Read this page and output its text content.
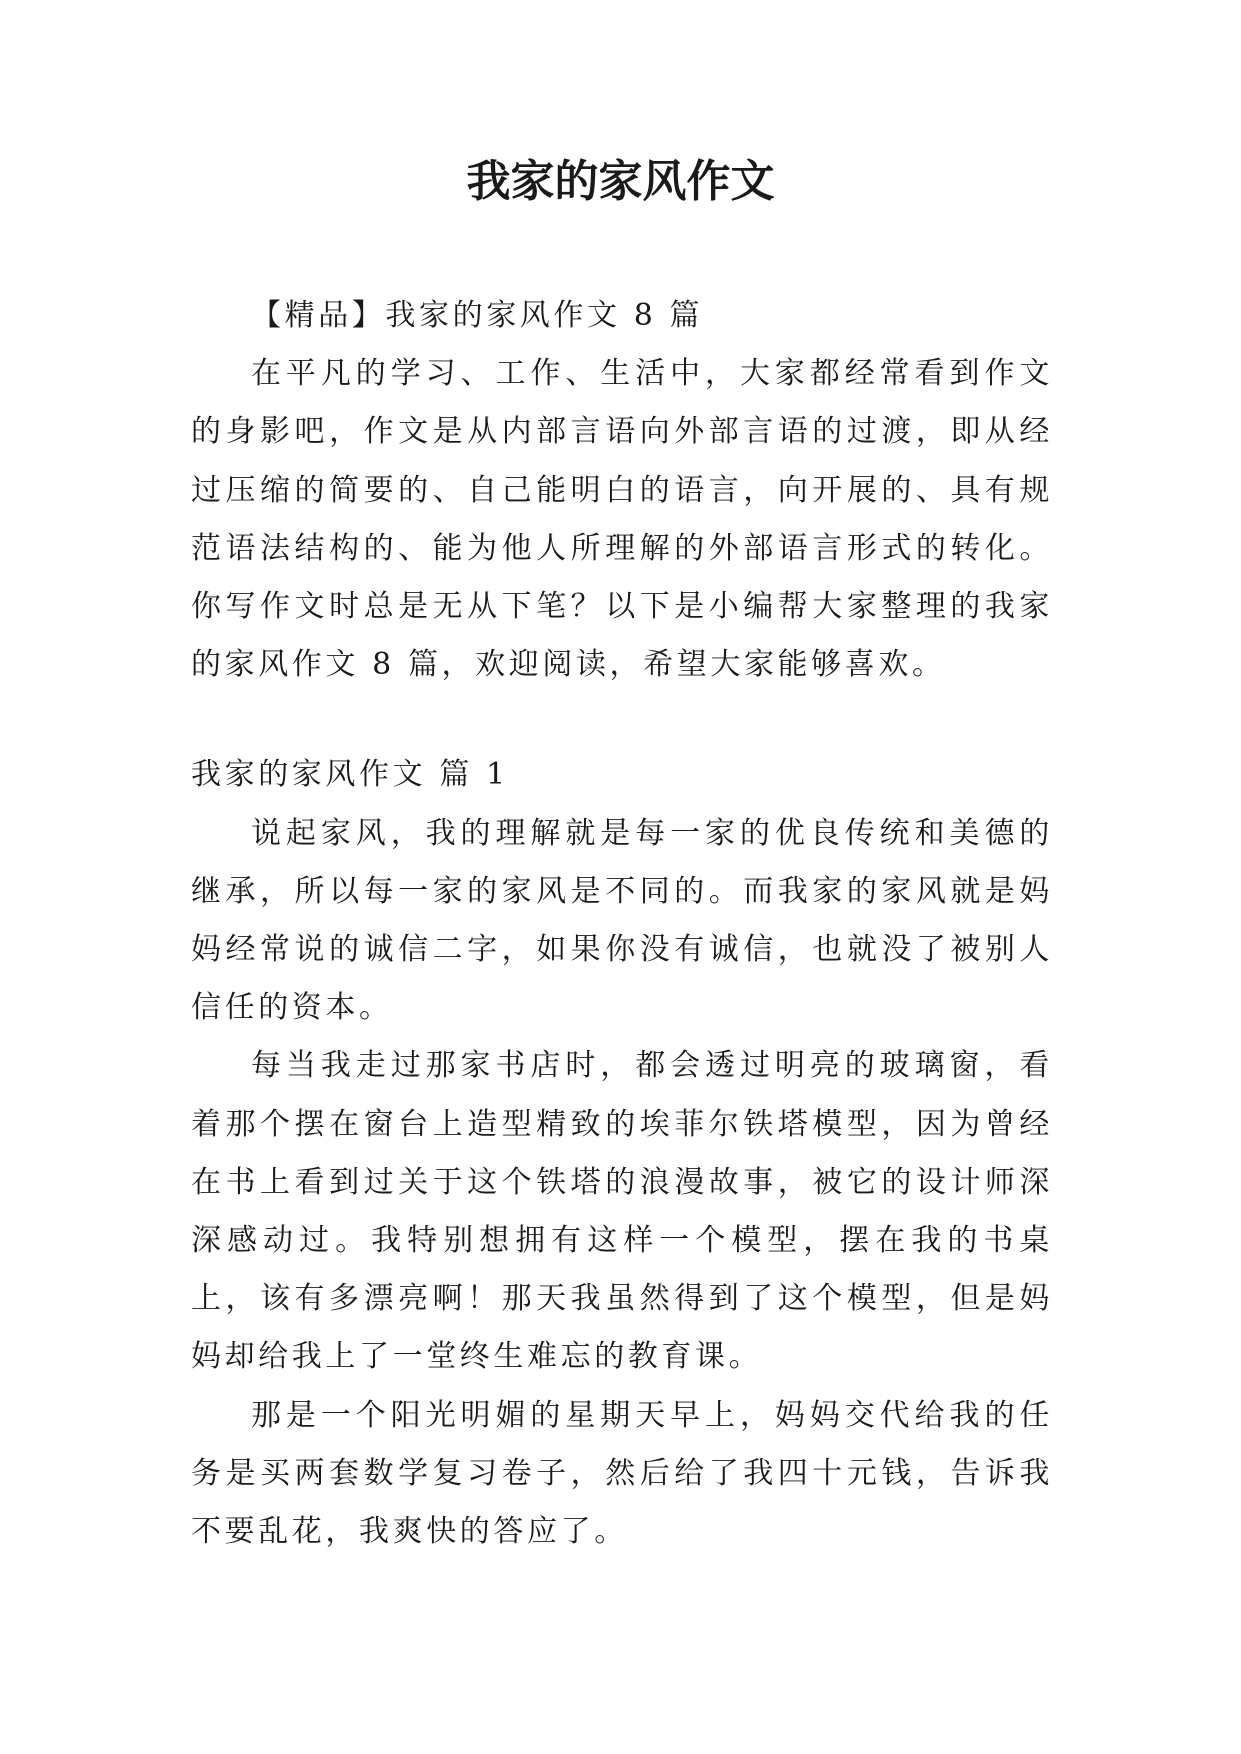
我家的家风作文

【精品】我家的家风作文 8 篇

在平凡的学习、工作、生活中，大家都经常看到作文的身影吧，作文是从内部言语向外部言语的过渡，即从经过压缩的简要的、自己能明白的语言，向开展的、具有规范语法结构的、能为他人所理解的外部语言形式的转化。你写作文时总是无从下笔？以下是小编帮大家整理的我家的家风作文 8 篇，欢迎阅读，希望大家能够喜欢。

我家的家风作文 篇 1

说起家风，我的理解就是每一家的优良传统和美德的继承，所以每一家的家风是不同的。而我家的家风就是妈妈经常说的诚信二字，如果你没有诚信，也就没了被别人信任的资本。

每当我走过那家书店时，都会透过明亮的玻璃窗，看着那个摆在窗台上造型精致的埃菲尔铁塔模型，因为曾经在书上看到过关于这个铁塔的浪漫故事，被它的设计师深深感动过。我特别想拥有这样一个模型，摆在我的书桌上，该有多漂亮啊！那天我虽然得到了这个模型，但是妈妈却给我上了一堂终生难忘的教育课。

那是一个阳光明媚的星期天早上，妈妈交代给我的任务是买两套数学复习卷子，然后给了我四十元钱，告诉我不要乱花，我爽快的答应了。
